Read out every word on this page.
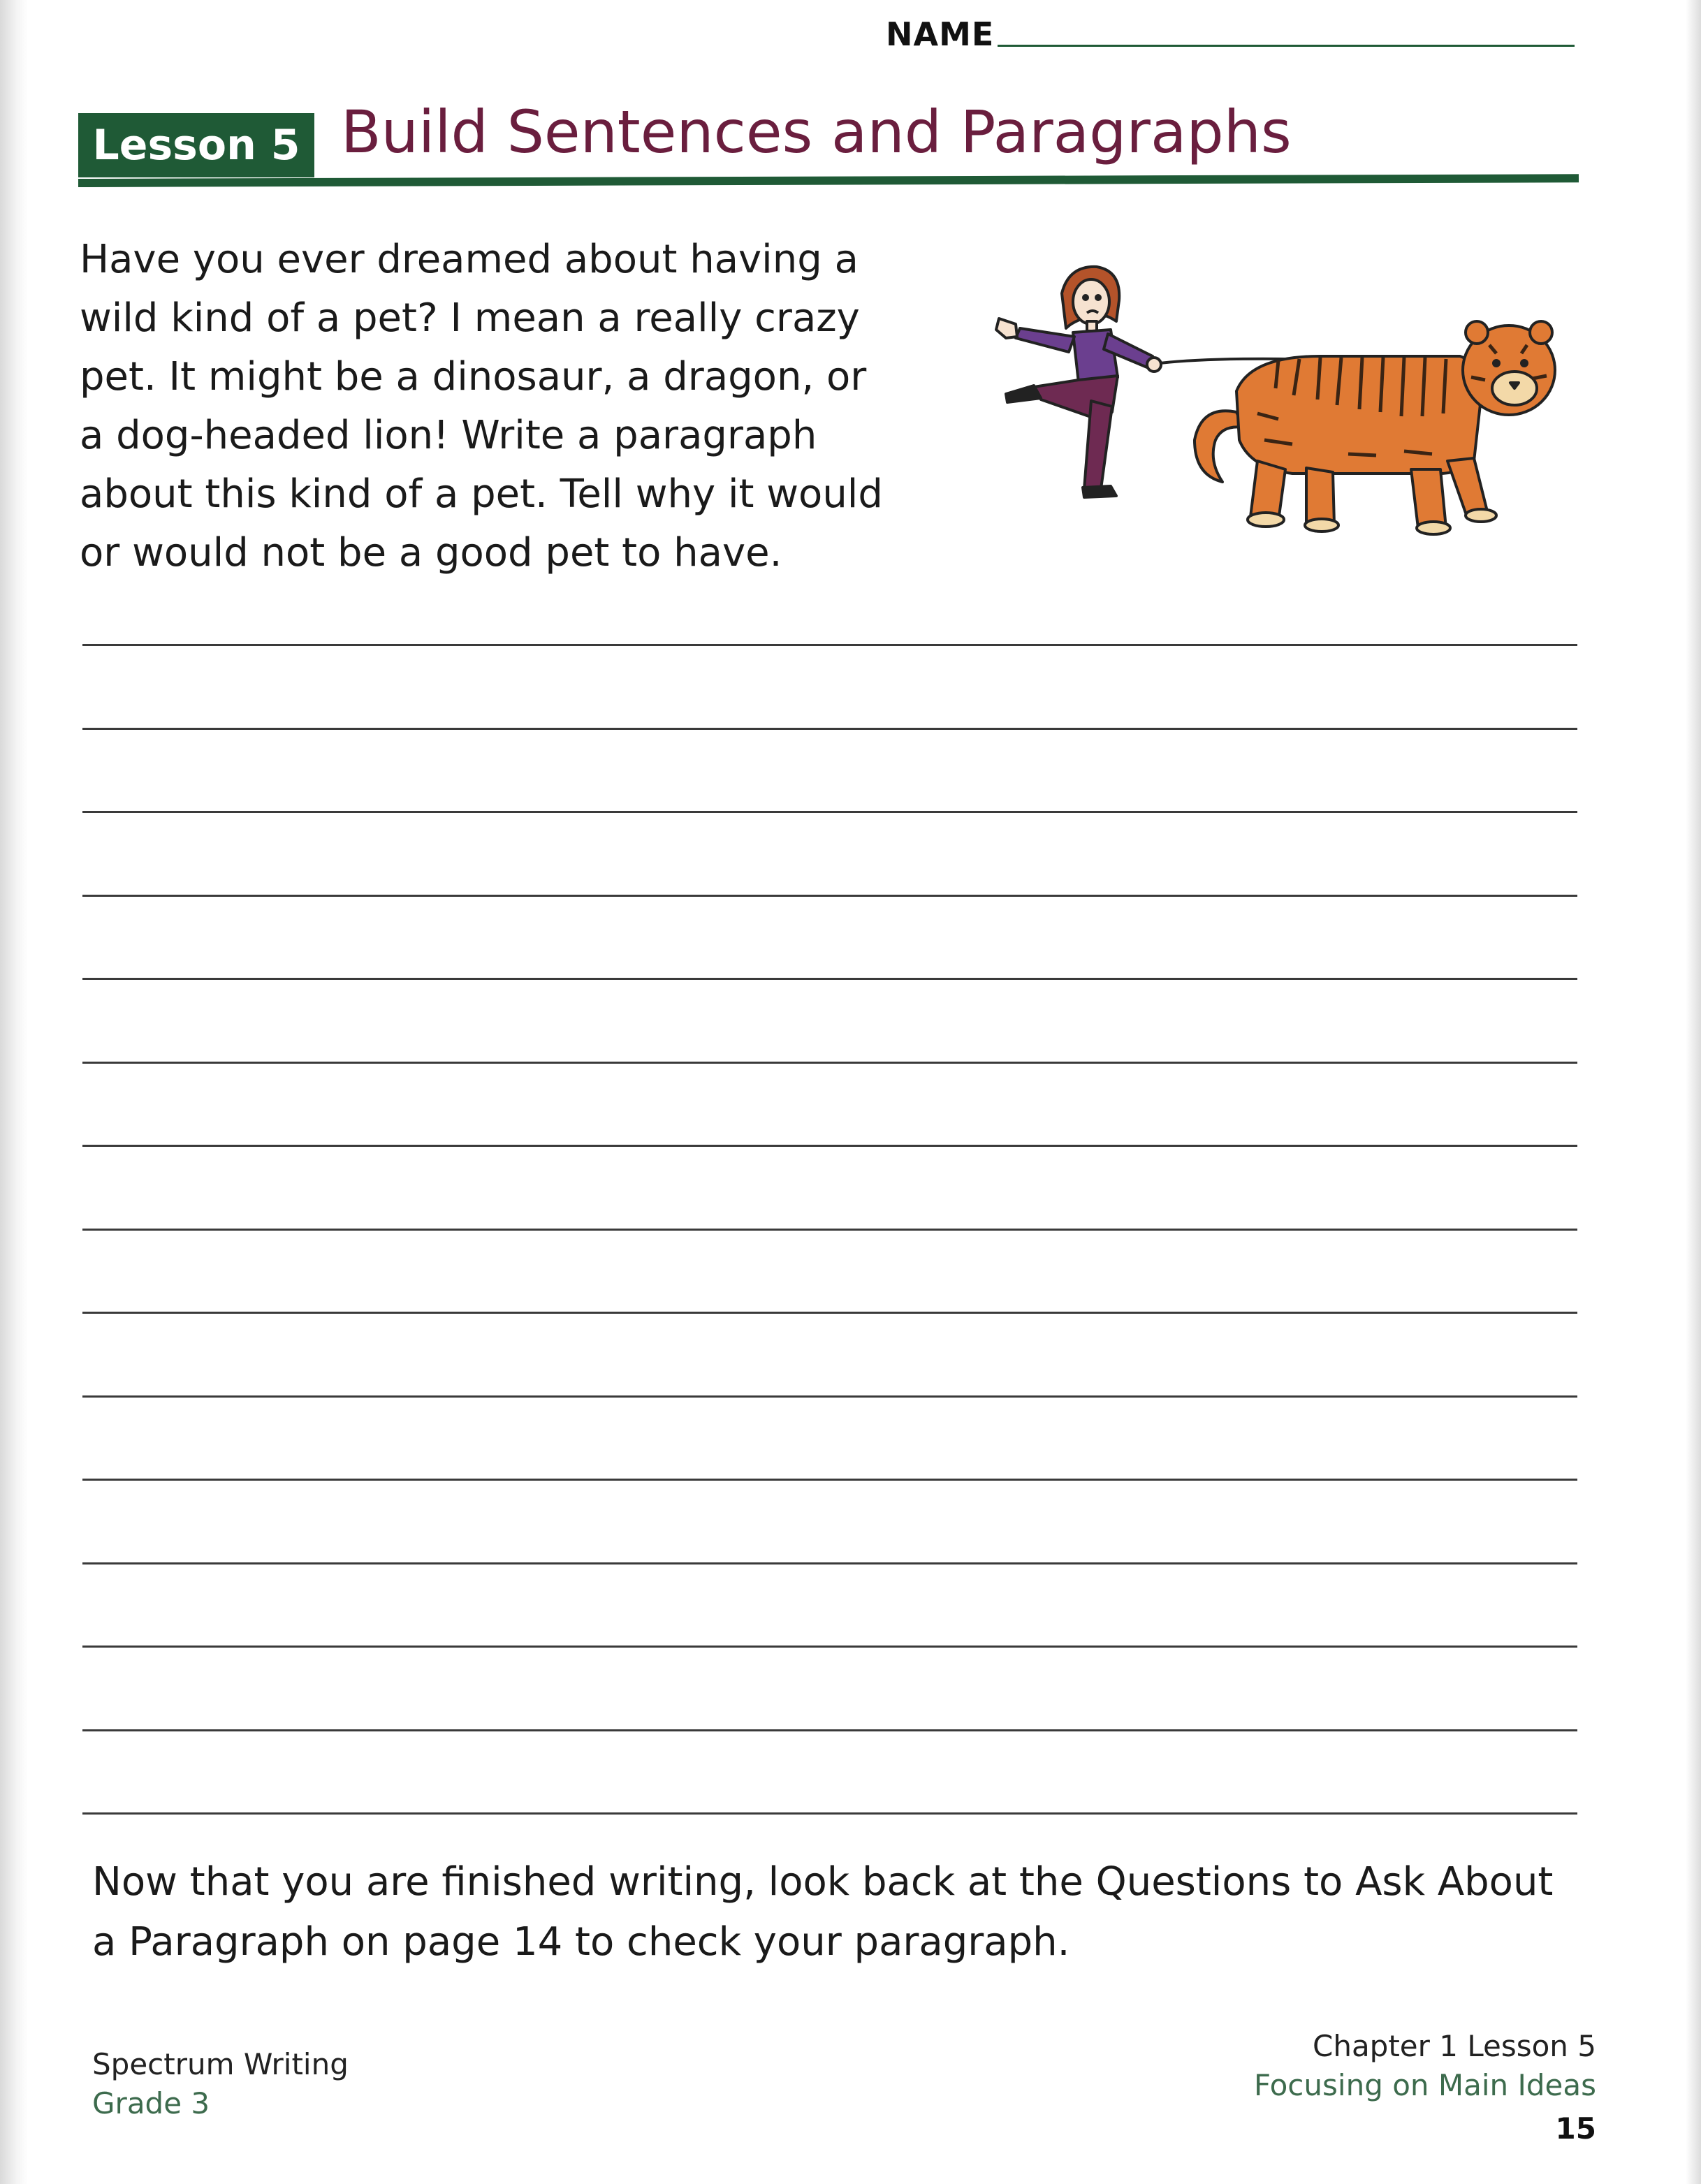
NAME
Lesson 5 Build Sentences and Paragraphs

Have you ever dreamed about having a

wild kind of a pet? I mean a really crazy

pet. It might be a dinosaur, a dragon, or

a dog-headed lion! Write a paragraph

about this kind of a pet. Tell why it would

or would not be a good pet to have.

Now that you are finished writing, look back at the Questions to Ask About
a Paragraph on page 14 to check your paragraph.
Spectrum Writing
Grade 3
Chapter 1 Lesson 5
Focusing on Main Ideas
15
